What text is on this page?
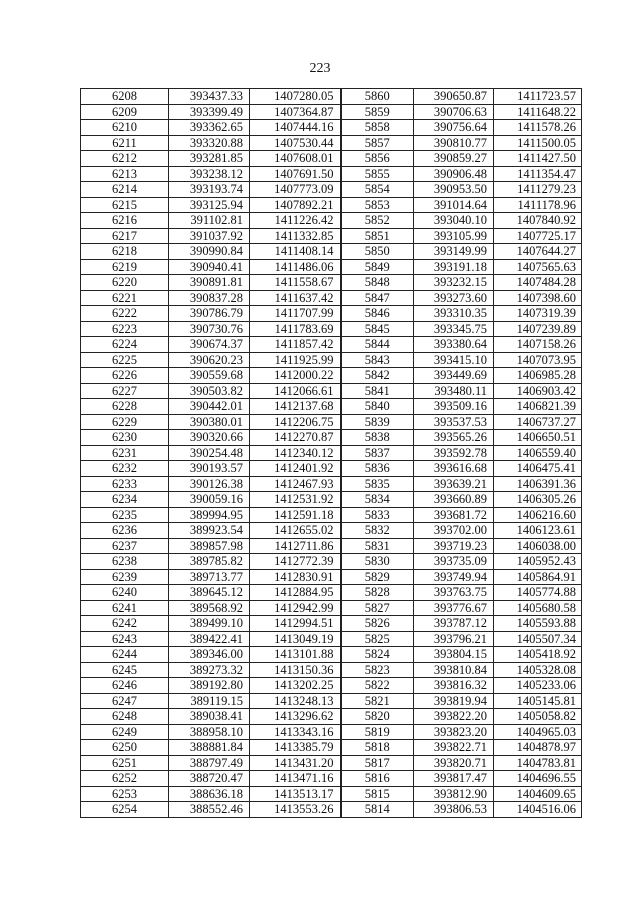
223
6208	393437.33	1407280.05	5860	390650.87	1411723.57
6209	393399.49	1407364.87	5859	390706.63	1411648.22
6210	393362.65	1407444.16	5858	390756.64	1411578.26
6211	393320.88	1407530.44	5857	390810.77	1411500.05
6212	393281.85	1407608.01	5856	390859.27	1411427.50
6213	393238.12	1407691.50	5855	390906.48	1411354.47
6214	393193.74	1407773.09	5854	390953.50	1411279.23
6215	393125.94	1407892.21	5853	391014.64	1411178.96
6216	391102.81	1411226.42	5852	393040.10	1407840.92
6217	391037.92	1411332.85	5851	393105.99	1407725.17
6218	390990.84	1411408.14	5850	393149.99	1407644.27
6219	390940.41	1411486.06	5849	393191.18	1407565.63
6220	390891.81	1411558.67	5848	393232.15	1407484.28
6221	390837.28	1411637.42	5847	393273.60	1407398.60
6222	390786.79	1411707.99	5846	393310.35	1407319.39
6223	390730.76	1411783.69	5845	393345.75	1407239.89
6224	390674.37	1411857.42	5844	393380.64	1407158.26
6225	390620.23	1411925.99	5843	393415.10	1407073.95
6226	390559.68	1412000.22	5842	393449.69	1406985.28
6227	390503.82	1412066.61	5841	393480.11	1406903.42
6228	390442.01	1412137.68	5840	393509.16	1406821.39
6229	390380.01	1412206.75	5839	393537.53	1406737.27
6230	390320.66	1412270.87	5838	393565.26	1406650.51
6231	390254.48	1412340.12	5837	393592.78	1406559.40
6232	390193.57	1412401.92	5836	393616.68	1406475.41
6233	390126.38	1412467.93	5835	393639.21	1406391.36
6234	390059.16	1412531.92	5834	393660.89	1406305.26
6235	389994.95	1412591.18	5833	393681.72	1406216.60
6236	389923.54	1412655.02	5832	393702.00	1406123.61
6237	389857.98	1412711.86	5831	393719.23	1406038.00
6238	389785.82	1412772.39	5830	393735.09	1405952.43
6239	389713.77	1412830.91	5829	393749.94	1405864.91
6240	389645.12	1412884.95	5828	393763.75	1405774.88
6241	389568.92	1412942.99	5827	393776.67	1405680.58
6242	389499.10	1412994.51	5826	393787.12	1405593.88
6243	389422.41	1413049.19	5825	393796.21	1405507.34
6244	389346.00	1413101.88	5824	393804.15	1405418.92
6245	389273.32	1413150.36	5823	393810.84	1405328.08
6246	389192.80	1413202.25	5822	393816.32	1405233.06
6247	389119.15	1413248.13	5821	393819.94	1405145.81
6248	389038.41	1413296.62	5820	393822.20	1405058.82
6249	388958.10	1413343.16	5819	393823.20	1404965.03
6250	388881.84	1413385.79	5818	393822.71	1404878.97
6251	388797.49	1413431.20	5817	393820.71	1404783.81
6252	388720.47	1413471.16	5816	393817.47	1404696.55
6253	388636.18	1413513.17	5815	393812.90	1404609.65
6254	388552.46	1413553.26	5814	393806.53	1404516.06
